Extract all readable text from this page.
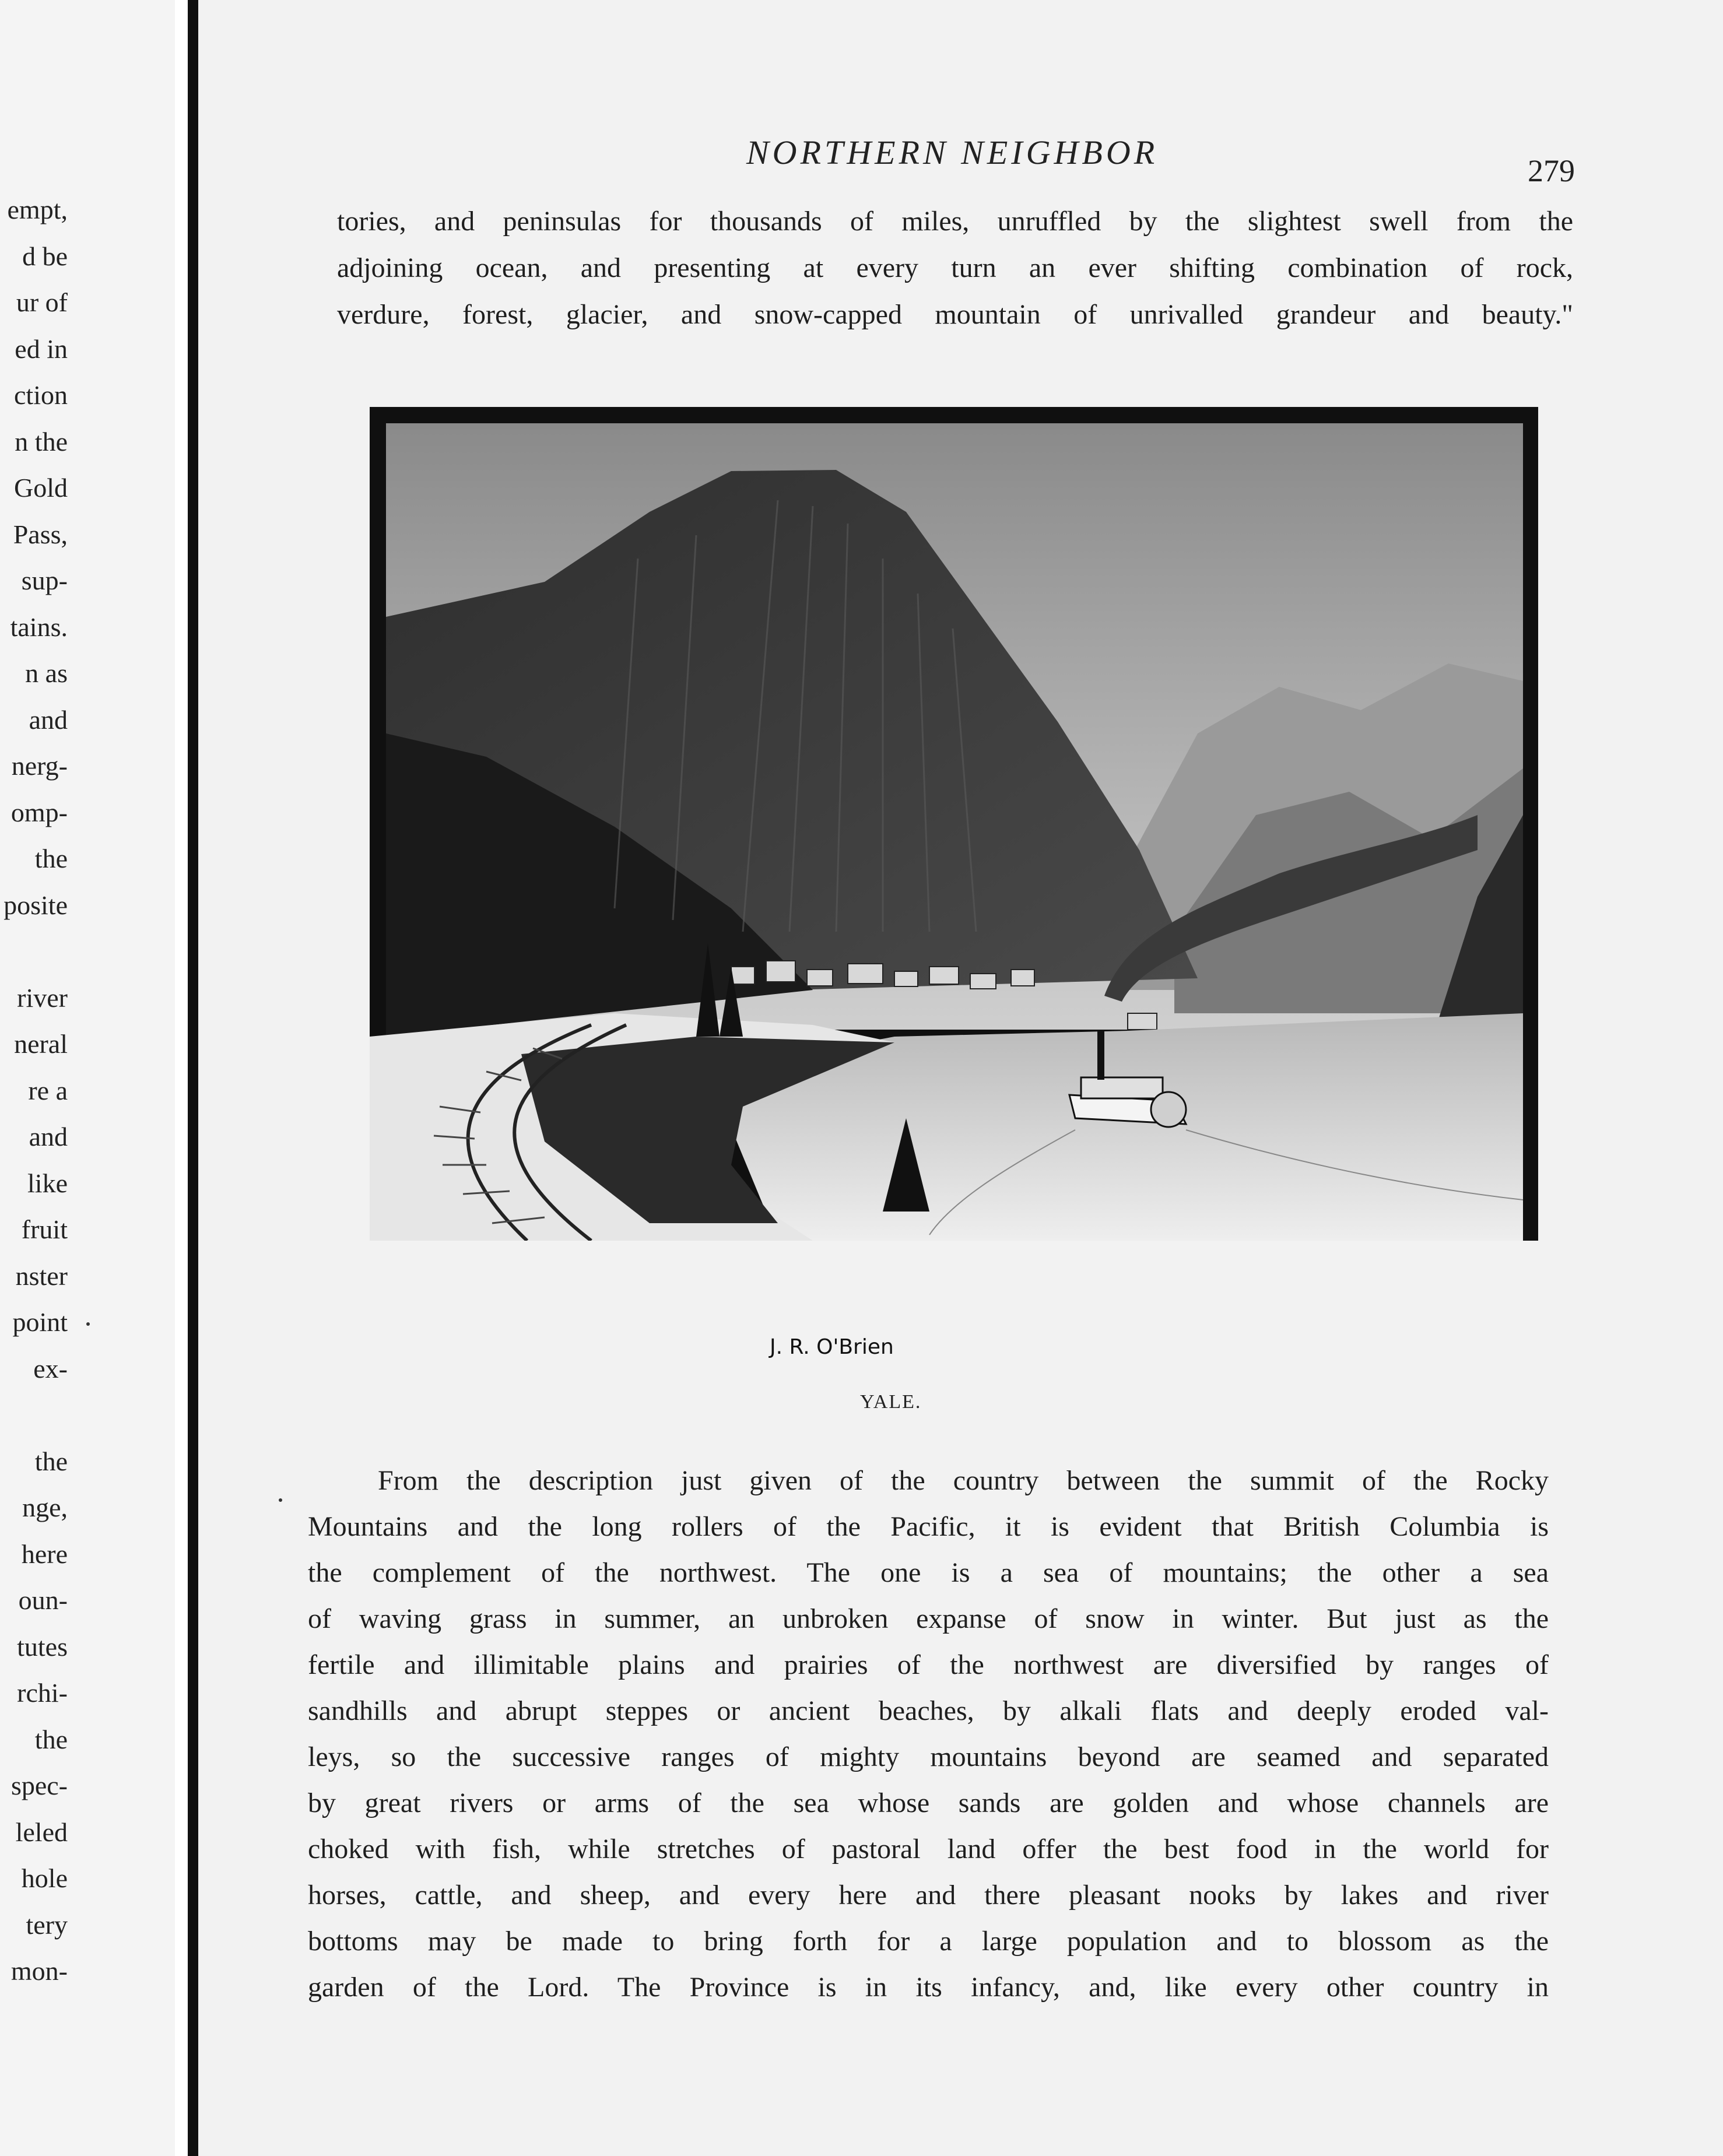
empt,
d be
ur of
ed in
ction
n the
Gold
Pass,
sup-
tains.
n as
and
nerg-
omp-
the
posite
river
neral
re a
and
like
fruit
nster
point
ex-
the
nge,
here
oun-
tutes
rchi-
the
spec-
leled
hole
tery
mon-
NORTHERN NEIGHBOR	279
tories, and peninsulas for thousands of miles, unruffled by the slightest swell from the
adjoining ocean, and presenting at every turn an ever shifting combination of rock,
verdure, forest, glacier, and snow-capped mountain of unrivalled grandeur and beauty."
J. R. O'Brien
YALE.
From the description just given of the country between the summit of the Rocky
Mountains and the long rollers of the Pacific, it is evident that British Columbia is
the complement of the northwest. The one is a sea of mountains; the other a sea
of waving grass in summer, an unbroken expanse of snow in winter. But just as the
fertile and illimitable plains and prairies of the northwest are diversified by ranges of
sandhills and abrupt steppes or ancient beaches, by alkali flats and deeply eroded val-
leys, so the successive ranges of mighty mountains beyond are seamed and separated
by great rivers or arms of the sea whose sands are golden and whose channels are
choked with fish, while stretches of pastoral land offer the best food in the world for
horses, cattle, and sheep, and every here and there pleasant nooks by lakes and river
bottoms may be made to bring forth for a large population and to blossom as the
garden of the Lord. The Province is in its infancy, and, like every other country in
